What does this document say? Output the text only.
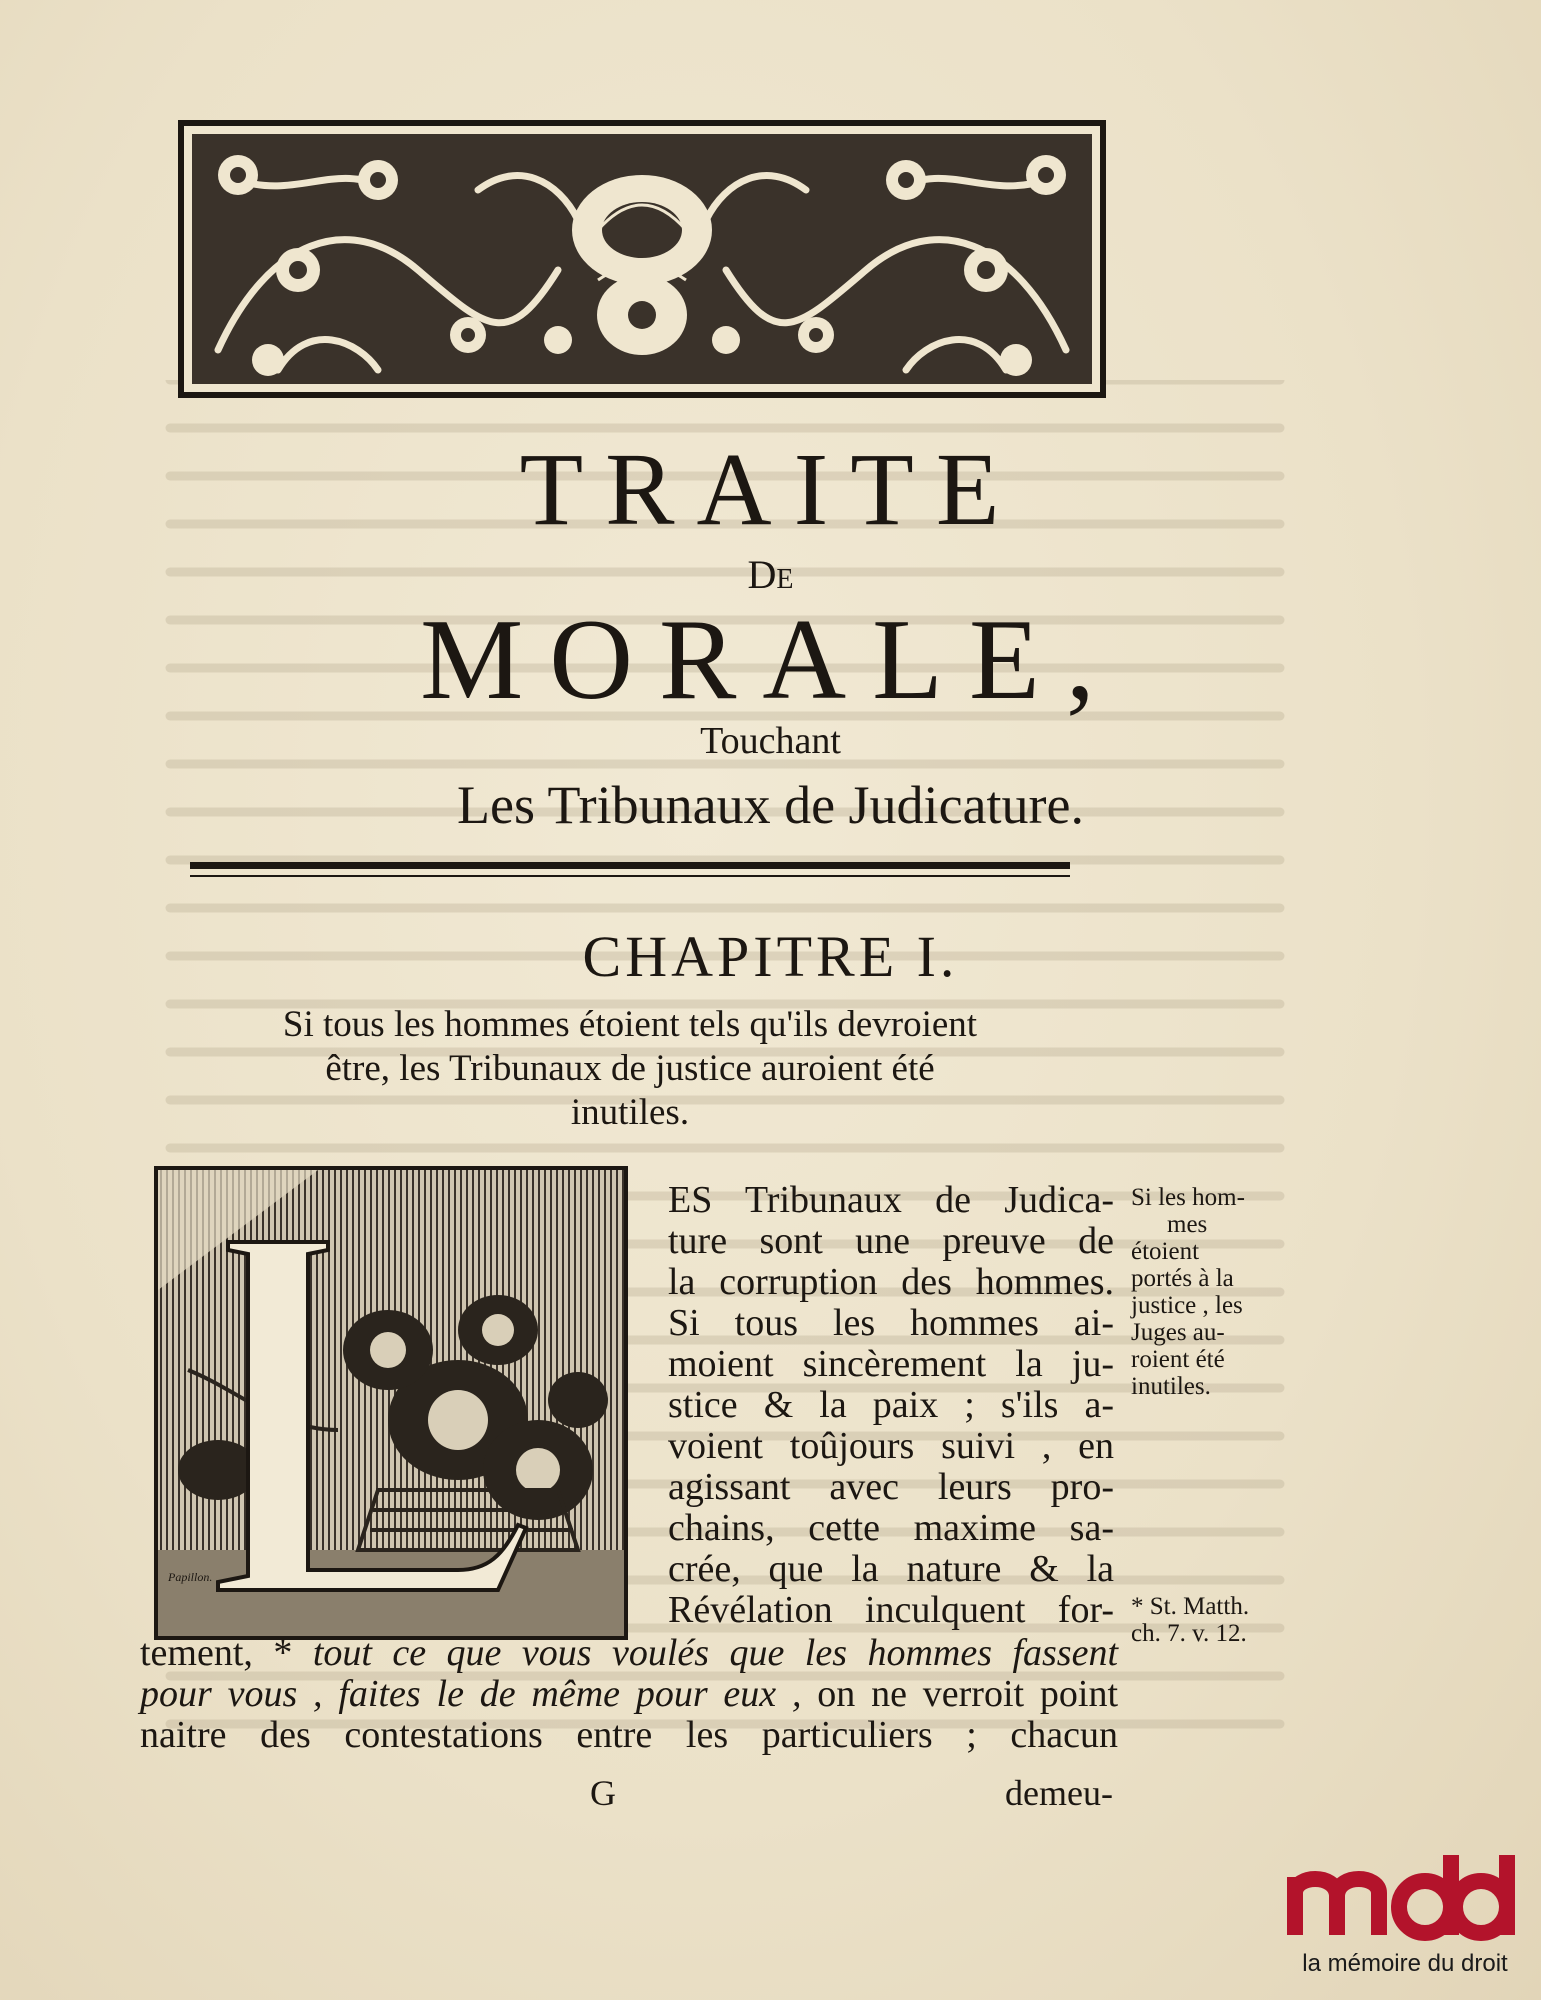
TRAITE
De
MORALE,
Touchant
Les Tribunaux de Judicature.
CHAPITRE I.
Si tous les hommes étoient tels qu'ils devroient
être, les Tribunaux de justice auroient été
inutiles.
Papillon.
ES Tribunaux de Judica-
ture sont une preuve de
la corruption des hommes.
Si tous les hommes ai-
moient sincèrement la ju-
stice & la paix ; s'ils a-
voient toûjours suivi , en
agissant avec leurs pro-
chains, cette maxime sa-
crée, que la nature & la
Révélation inculquent for-
tement, * tout ce que vous voulés que les hommes fassent
pour vous , faites le de même pour eux , on ne verroit point
naitre des contestations entre les particuliers ; chacun
Si les hom-
mes
étoient
portés à la
justice , les
Juges au-
roient été
inutiles.
* St. Matth.
ch. 7. v. 12.
G	demeu-
la mémoire du droit
